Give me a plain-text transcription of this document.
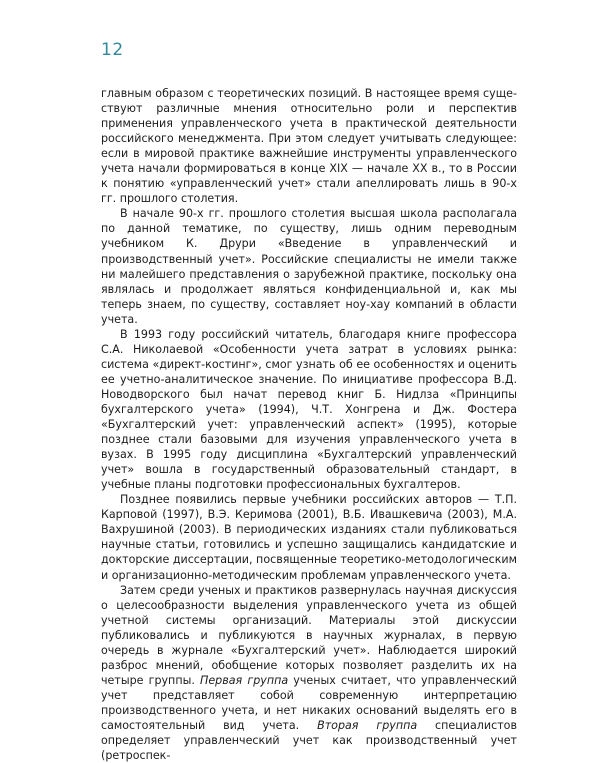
12

главным образом с теоретических позиций. В настоящее время существуют различные мнения относительно роли и перспектив применения управленческого учета в практической деятельности российского менеджмента. При этом следует учитывать следующее: если в мировой практике важнейшие инструменты управленческого учета начали формироваться в конце XIX — начале XX в., то в России к понятию «управленческий учет» стали апеллировать лишь в 90-х гг. прошлого столетия.

В начале 90-х гг. прошлого столетия высшая школа располагала по данной тематике, по существу, лишь одним переводным учебником К. Друри «Введение в управленческий и производственный учет». Российские специалисты не имели также ни малейшего представления о зарубежной практике, поскольку она являлась и продолжает являться конфиденциальной и, как мы теперь знаем, по существу, составляет ноу-хау компаний в области учета.

В 1993 году российский читатель, благодаря книге профессора С.А. Николаевой «Особенности учета затрат в условиях рынка: система «директ-костинг», смог узнать об ее особенностях и оценить ее учетно-аналитическое значение. По инициативе профессора В.Д. Новодворского был начат перевод книг Б. Нидлза «Принципы бухгалтерского учета» (1994), Ч.Т. Хонгрена и Дж. Фостера «Бухгалтерский учет: управленческий аспект» (1995), которые позднее стали базовыми для изучения управленческого учета в вузах. В 1995 году дисциплина «Бухгалтерский управленческий учет» вошла в государственный образовательный стандарт, в учебные планы подготовки профессиональных бухгалтеров.

Позднее появились первые учебники российских авторов — Т.П. Карповой (1997), В.Э. Керимова (2001), В.Б. Ивашкевича (2003), М.А. Вахрушиной (2003). В периодических изданиях стали публиковаться научные статьи, готовились и успешно защищались кандидатские и докторские диссертации, посвященные теоретико-методологическим и организационно-методическим проблемам управленческого учета.

Затем среди ученых и практиков развернулась научная дискуссия о целесообразности выделения управленческого учета из общей учетной системы организаций. Материалы этой дискуссии публиковались и публикуются в научных журналах, в первую очередь в журнале «Бухгалтерский учет». Наблюдается широкий разброс мнений, обобщение которых позволяет разделить их на четыре группы. Первая группа ученых считает, что управленческий учет представляет собой современную интерпретацию производственного учета, и нет никаких оснований выделять его в самостоятельный вид учета. Вторая группа специалистов определяет управленческий учет как производственный учет (ретроспек-
